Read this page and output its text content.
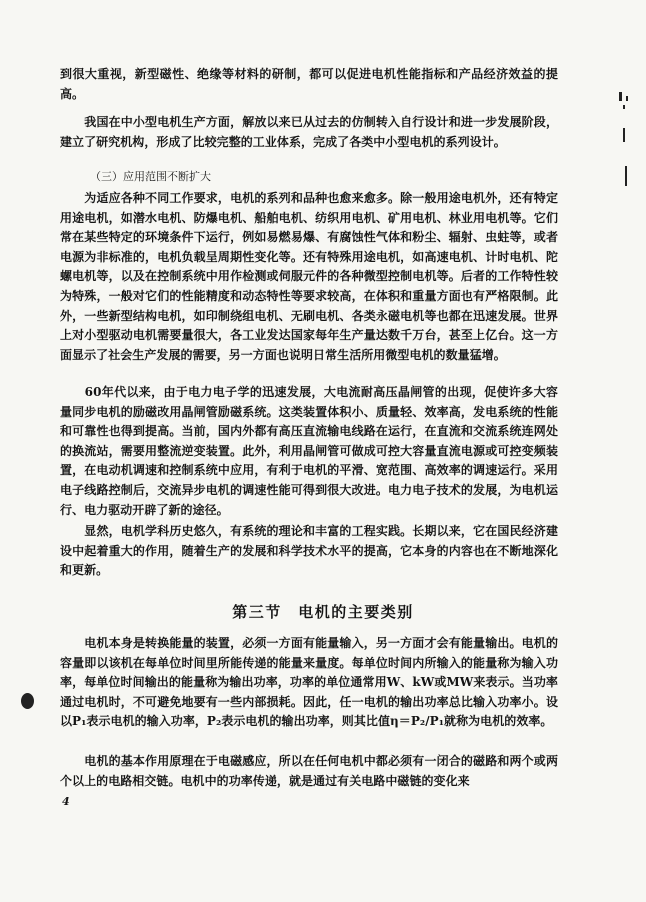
到很大重视，新型磁性、绝缘等材料的研制，都可以促进电机性能指标和产品经济效益的提高。
　　我国在中小型电机生产方面，解放以来已从过去的仿制转入自行设计和进一步发展阶段，建立了研究机构，形成了比较完整的工业体系，完成了各类中小型电机的系列设计。
（三）应用范围不断扩大
　　为适应各种不同工作要求，电机的系列和品种也愈来愈多。除一般用途电机外，还有特定用途电机，如潜水电机、防爆电机、船舶电机、纺织用电机、矿用电机、林业用电机等。它们常在某些特定的环境条件下运行，例如易燃易爆、有腐蚀性气体和粉尘、辐射、虫蛀等，或者电源为非标准的，电机负载呈周期性变化等。还有特殊用途电机，如高速电机、计时电机、陀螺电机等，以及在控制系统中用作检测或伺服元件的各种微型控制电机等。后者的工作特性较为特殊，一般对它们的性能精度和动态特性等要求较高，在体积和重量方面也有严格限制。此外，一些新型结构电机，如印制绕组电机、无刷电机、各类永磁电机等也都在迅速发展。世界上对小型驱动电机需要量很大，各工业发达国家每年生产量达数千万台，甚至上亿台。这一方面显示了社会生产发展的需要，另一方面也说明日常生活所用微型电机的数量猛增。
　　60年代以来，由于电力电子学的迅速发展，大电流耐高压晶闸管的出现，促使许多大容量同步电机的励磁改用晶闸管励磁系统。这类装置体积小、质量轻、效率高，发电系统的性能和可靠性也得到提高。当前，国内外都有高压直流输电线路在运行，在直流和交流系统连网处的换流站，需要用整流逆变装置。此外，利用晶闸管可做成可控大容量直流电源或可控变频装置，在电动机调速和控制系统中应用，有利于电机的平滑、宽范围、高效率的调速运行。采用电子线路控制后，交流异步电机的调速性能可得到很大改进。电力电子技术的发展，为电机运行、电力驱动开辟了新的途径。
　　显然，电机学科历史悠久，有系统的理论和丰富的工程实践。长期以来，它在国民经济建设中起着重大的作用，随着生产的发展和科学技术水平的提高，它本身的内容也在不断地深化和更新。
第三节　电机的主要类别
　　电机本身是转换能量的装置，必须一方面有能量输入，另一方面才会有能量输出。电机的容量即以该机在每单位时间里所能传递的能量来量度。每单位时间内所输入的能量称为输入功率，每单位时间输出的能量称为输出功率，功率的单位通常用W、kW或MW来表示。当功率通过电机时，不可避免地要有一些内部损耗。因此，任一电机的输出功率总比输入功率小。设以P₁表示电机的输入功率，P₂表示电机的输出功率，则其比值η＝P₂/P₁就称为电机的效率。
　　电机的基本作用原理在于电磁感应，所以在任何电机中都必须有一闭合的磁路和两个或两个以上的电路相交链。电机中的功率传递，就是通过有关电路中磁链的变化来
4
